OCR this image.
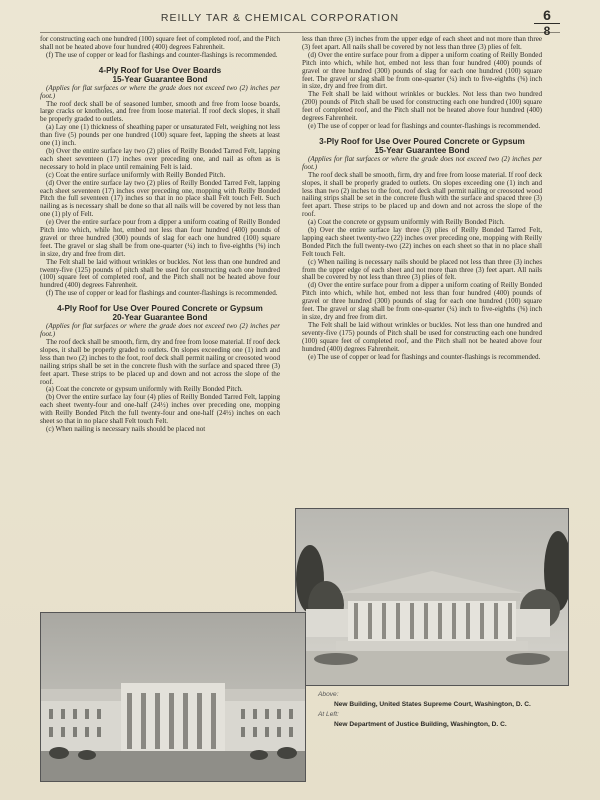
REILLY TAR & CHEMICAL CORPORATION	6
8

for constructing each one hundred (100) square feet of completed roof, and the Pitch shall not be heated above four hundred (400) degrees Fahrenheit.

(f) The use of copper or lead for flashings and counter-flashings is recommended.

4-Ply Roof for Use Over Boards
15-Year Guarantee Bond

(Applies for flat surfaces or where the grade does not exceed two (2) inches per foot.)

The roof deck shall be of seasoned lumber, smooth and free from loose boards, large cracks or knotholes, and free from loose material. If roof deck slopes, it shall be properly graded to outlets.

(a) Lay one (1) thickness of sheathing paper or unsaturated Felt, weighing not less than five (5) pounds per one hundred (100) square feet, lapping the sheets at least one (1) inch.

(b) Over the entire surface lay two (2) plies of Reilly Bonded Tarred Felt, lapping each sheet seventeen (17) inches over preceding one, and nail as often as is necessary to hold in place until remaining Felt is laid.

(c) Coat the entire surface uniformly with Reilly Bonded Pitch.

(d) Over the entire surface lay two (2) plies of Reilly Bonded Tarred Felt, lapping each sheet seventeen (17) inches over preceding one, mopping with Reilly Bonded Pitch the full seventeen (17) inches so that in no place shall Felt touch Felt. Such nailing as is necessary shall be done so that all nails will be covered by not less than one (1) ply of Felt.

(e) Over the entire surface pour from a dipper a uniform coating of Reilly Bonded Pitch into which, while hot, embed not less than four hundred (400) pounds of gravel or three hundred (300) pounds of slag for each one hundred (100) square feet. The gravel or slag shall be from one-quarter (¼) inch to five-eighths (⅝) inch in size, dry and free from dirt.

The Felt shall be laid without wrinkles or buckles. Not less than one hundred and twenty-five (125) pounds of pitch shall be used for constructing each one hundred (100) square feet of completed roof, and the Pitch shall not be heated above four hundred (400) degrees Fahrenheit.

(f) The use of copper or lead for flashings and counter-flashings is recommended.

4-Ply Roof for Use Over Poured Concrete or Gypsum
20-Year Guarantee Bond

(Applies for flat surfaces or where the grade does not exceed two (2) inches per foot.)

The roof deck shall be smooth, firm, dry and free from loose material. If roof deck slopes, it shall be properly graded to outlets. On slopes exceeding one (1) inch and less than two (2) inches to the foot, roof deck shall permit nailing or creosoted wood nailing strips shall be set in the concrete flush with the surface and spaced three (3) feet apart. These strips to be placed up and down and not across the slope of the roof.

(a) Coat the concrete or gypsum uniformly with Reilly Bonded Pitch.

(b) Over the entire surface lay four (4) plies of Reilly Bonded Tarred Felt, lapping each sheet twenty-four and one-half (24½) inches over preceding one, mopping with Reilly Bonded Pitch the full twenty-four and one-half (24½) inches on each sheet so that in no place shall Felt touch Felt.

(c) When nailing is necessary nails should be placed not

less than three (3) inches from the upper edge of each sheet and not more than three (3) feet apart. All nails shall be covered by not less than three (3) plies of felt.

(d) Over the entire surface pour from a dipper a uniform coating of Reilly Bonded Pitch into which, while hot, embed not less than four hundred (400) pounds of gravel or three hundred (300) pounds of slag for each one hundred (100) square feet. The gravel or slag shall be from one-quarter (¼) inch to five-eighths (⅝) inch in size, dry and free from dirt.

The Felt shall be laid without wrinkles or buckles. Not less than two hundred (200) pounds of Pitch shall be used for constructing each one hundred (100) square feet of completed roof, and the Pitch shall not be heated above four hundred (400) degrees Fahrenheit.

(e) The use of copper or lead for flashings and counter-flashings is recommended.

3-Ply Roof for Use Over Poured Concrete or Gypsum
15-Year Guarantee Bond

(Applies for flat surfaces or where the grade does not exceed two (2) inches per foot.)

The roof deck shall be smooth, firm, dry and free from loose material. If roof deck slopes, it shall be properly graded to outlets. On slopes exceeding one (1) inch and less than two (2) inches to the foot, roof deck shall permit nailing or creosoted wood nailing strips shall be set in the concrete flush with the surface and spaced three (3) feet apart. These strips to be placed up and down and not across the slope of the roof.

(a) Coat the concrete or gypsum uniformly with Reilly Bonded Pitch.

(b) Over the entire surface lay three (3) plies of Reilly Bonded Tarred Felt, lapping each sheet twenty-two (22) inches over preceding one, mopping with Reilly Bonded Pitch the full twenty-two (22) inches on each sheet so that in no place shall Felt touch Felt.

(c) When nailing is necessary nails should be placed not less than three (3) inches from the upper edge of each sheet and not more than three (3) feet apart. All nails shall be covered by not less than three (3) plies of felt.

(d) Over the entire surface pour from a dipper a uniform coating of Reilly Bonded Pitch into which, while hot, embed not less than four hundred (400) pounds of gravel or three hundred (300) pounds of slag for each one hundred (100) square feet. The gravel or slag shall be from one-quarter (¼) inch to five-eighths (⅝) inch in size, dry and free from dirt.

The Felt shall be laid without wrinkles or buckles. Not less than one hundred and seventy-five (175) pounds of Pitch shall be used for constructing each one hundred (100) square feet of completed roof, and the Pitch shall not be heated above four hundred (400) degrees Fahrenheit.

(e) The use of copper or lead for flashings and counter-flashings is recommended.

Above:
New Building, United States Supreme Court, Washington, D. C.
At Left:
New Department of Justice Building, Washington, D. C.
